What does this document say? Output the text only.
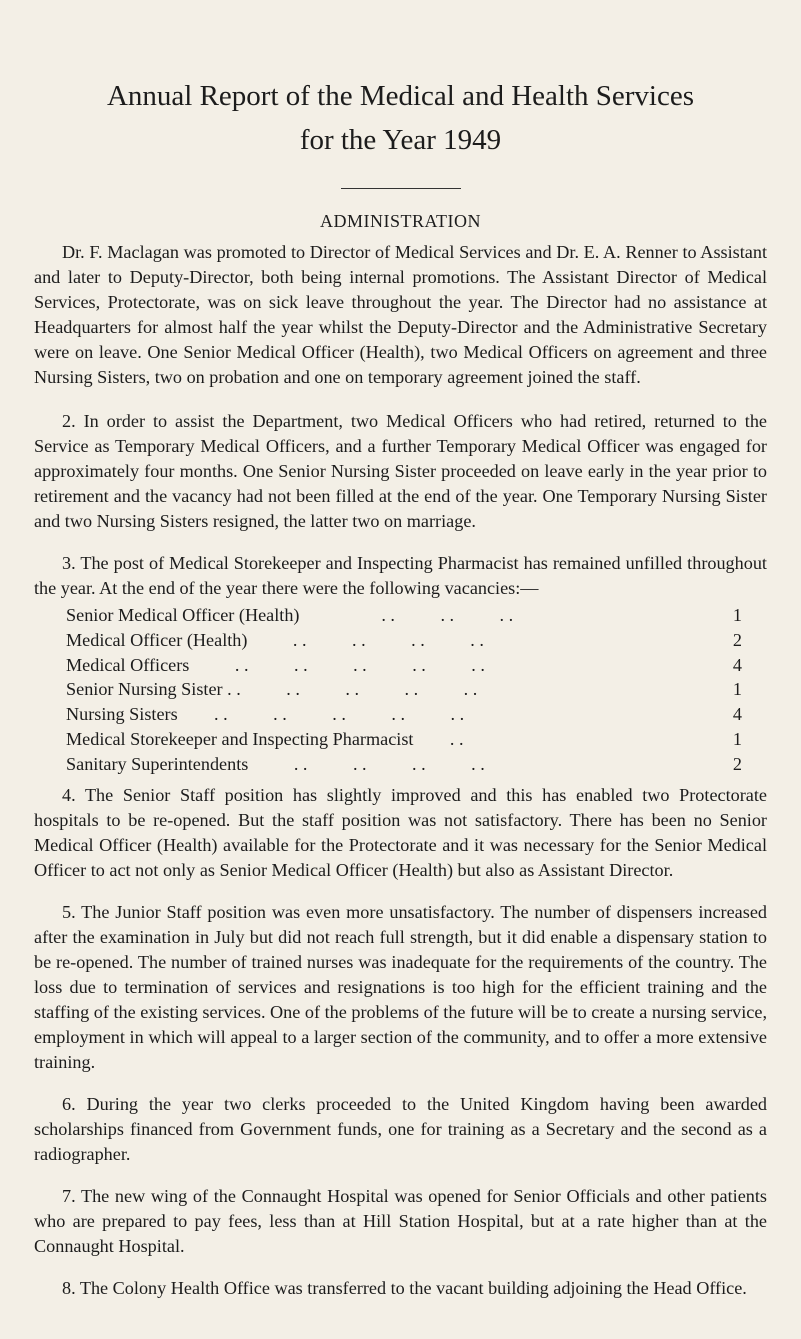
Annual Report of the Medical and Health Services
for the Year 1949
ADMINISTRATION

Dr. F. Maclagan was promoted to Director of Medical Services and Dr. E. A. Renner to Assistant and later to Deputy-Director, both being internal promotions. The Assistant Director of Medical Services, Protectorate, was on sick leave throughout the year. The Director had no assistance at Headquarters for almost half the year whilst the Deputy-Director and the Administrative Secretary were on leave. One Senior Medical Officer (Health), two Medical Officers on agreement and three Nursing Sisters, two on probation and one on temporary agreement joined the staff.

2. In order to assist the Department, two Medical Officers who had retired, returned to the Service as Temporary Medical Officers, and a further Temporary Medical Officer was engaged for approximately four months. One Senior Nursing Sister proceeded on leave early in the year prior to retirement and the vacancy had not been filled at the end of the year. One Temporary Nursing Sister and two Nursing Sisters resigned, the latter two on marriage.

3. The post of Medical Storekeeper and Inspecting Pharmacist has remained unfilled throughout the year. At the end of the year there were the following vacancies:—

Senior Medical Officer (Health)	. .          . .          . .	1
Medical Officer (Health) . .          . .          . .          . .	2
Medical Officers . .          . .          . .          . .          . .	4
Senior Nursing Sister . .          . .          . .          . .          . .	1
Nursing Sisters . .          . .          . .          . .          . .	4
Medical Storekeeper and Inspecting Pharmacist . .	1
Sanitary Superintendents . .          . .          . .          . .	2

4. The Senior Staff position has slightly improved and this has enabled two Protectorate hospitals to be re-opened. But the staff position was not satisfactory. There has been no Senior Medical Officer (Health) available for the Protectorate and it was necessary for the Senior Medical Officer to act not only as Senior Medical Officer (Health) but also as Assistant Director.

5. The Junior Staff position was even more unsatisfactory. The number of dispensers increased after the examination in July but did not reach full strength, but it did enable a dispensary station to be re-opened. The number of trained nurses was inadequate for the requirements of the country. The loss due to termination of services and resignations is too high for the efficient training and the staffing of the existing services. One of the problems of the future will be to create a nursing service, employment in which will appeal to a larger section of the community, and to offer a more extensive training.

6. During the year two clerks proceeded to the United Kingdom having been awarded scholarships financed from Government funds, one for training as a Secretary and the second as a radiographer.

7. The new wing of the Connaught Hospital was opened for Senior Officials and other patients who are prepared to pay fees, less than at Hill Station Hospital, but at a rate higher than at the Connaught Hospital.

8. The Colony Health Office was transferred to the vacant building adjoining the Head Office.
